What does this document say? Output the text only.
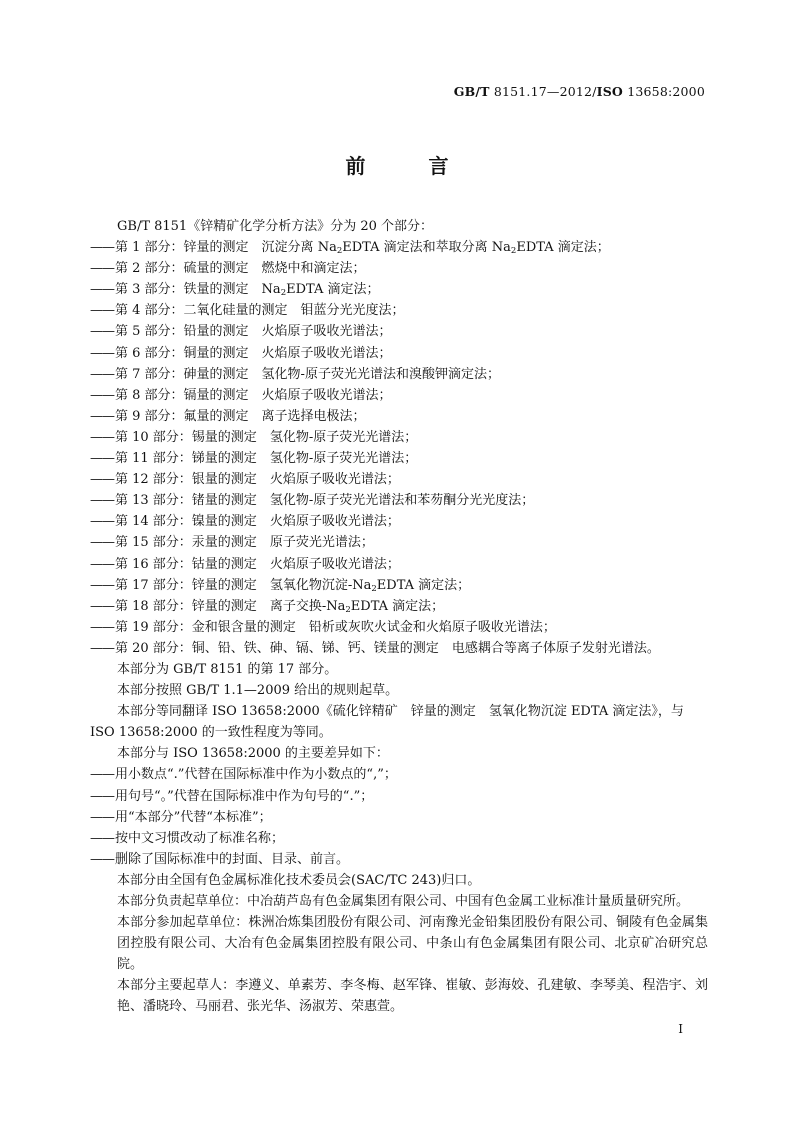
GB/T 8151.17—2012/ISO 13658:2000
前 言

GB/T 8151《锌精矿化学分析方法》分为 20 个部分：

——第 1 部分：锌量的测定 沉淀分离 $Na_2EDTA$ 滴定法和萃取分离 $Na_2EDTA$ 滴定法；

——第 2 部分：硫量的测定 燃烧中和滴定法；

——第 3 部分：铁量的测定 $Na_2EDTA$ 滴定法；

——第 4 部分：二氧化硅量的测定 钼蓝分光光度法；

——第 5 部分：铅量的测定 火焰原子吸收光谱法；

——第 6 部分：铜量的测定 火焰原子吸收光谱法；

——第 7 部分：砷量的测定 氢化物-原子荧光光谱法和溴酸钾滴定法；

——第 8 部分：镉量的测定 火焰原子吸收光谱法；

——第 9 部分：氟量的测定 离子选择电极法；

——第 10 部分：锡量的测定 氢化物-原子荧光光谱法；

——第 11 部分：锑量的测定 氢化物-原子荧光光谱法；

——第 12 部分：银量的测定 火焰原子吸收光谱法；

——第 13 部分：锗量的测定 氢化物-原子荧光光谱法和苯芴酮分光光度法；

——第 14 部分：镍量的测定 火焰原子吸收光谱法；

——第 15 部分：汞量的测定 原子荧光光谱法；

——第 16 部分：钴量的测定 火焰原子吸收光谱法；

——第 17 部分：锌量的测定 氢氧化物沉淀$-Na_2EDTA$ 滴定法；

——第 18 部分：锌量的测定 离子交换$-Na_2EDTA$ 滴定法；

——第 19 部分：金和银含量的测定 铅析或灰吹火试金和火焰原子吸收光谱法；

——第 20 部分：铜、铅、铁、砷、镉、锑、钙、镁量的测定 电感耦合等离子体原子发射光谱法。

本部分为 GB/T 8151 的第 17 部分。

本部分按照 GB/T 1.1—2009 给出的规则起草。

本部分等同翻译 ISO 13658:2000《硫化锌精矿 锌量的测定 氢氧化物沉淀 EDTA 滴定法》，与

ISO 13658:2000 的一致性程度为等同。

本部分与 ISO 13658:2000 的主要差异如下：

——用小数点“.”代替在国际标准中作为小数点的“,”；

——用句号“。”代替在国际标准中作为句号的“.”；

——用“本部分”代替“本标准”；

——按中文习惯改动了标准名称；

——删除了国际标准中的封面、目录、前言。

本部分由全国有色金属标准化技术委员会(SAC/TC 243)归口。

本部分负责起草单位：中冶葫芦岛有色金属集团有限公司、中国有色金属工业标准计量质量研究所。

本部分参加起草单位：株洲冶炼集团股份有限公司、河南豫光金铅集团股份有限公司、铜陵有色金属集团控股有限公司、大冶有色金属集团控股有限公司、中条山有色金属集团有限公司、北京矿冶研究总院。

本部分主要起草人：李遵义、单素芳、李冬梅、赵军锋、崔敏、彭海姣、孔建敏、李琴美、程浩宇、刘艳、潘晓玲、马丽君、张光华、汤淑芳、荣惠萱。

I
